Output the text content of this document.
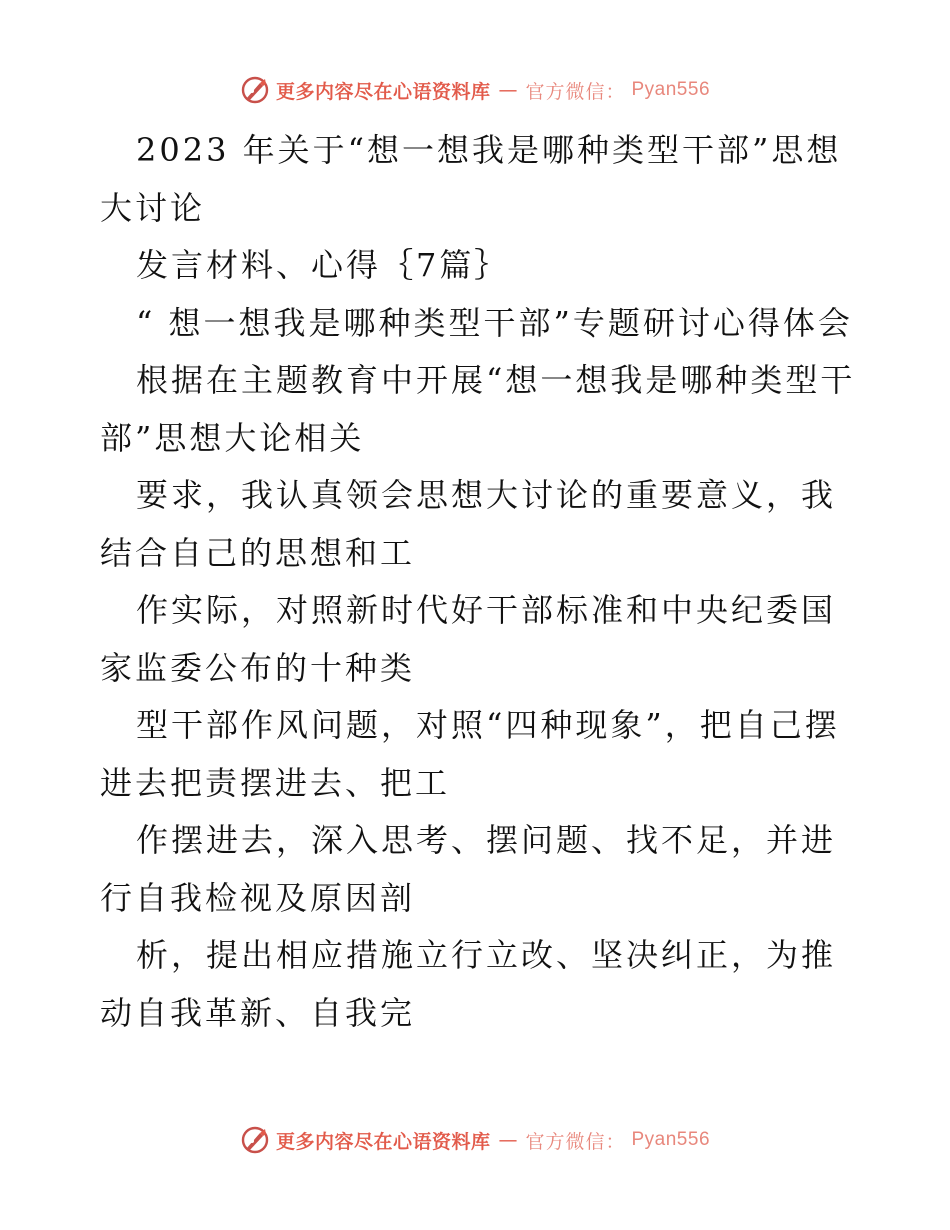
更多内容尽在心语资料库 — 官方微信： Pyan556

2023 年关于“想一想我是哪种类型干部”思想大讨论

发言材料、心得｛7篇｝

“ 想一想我是哪种类型干部”专题研讨心得体会

根据在主题教育中开展“想一想我是哪种类型干部”思想大论相关

要求，我认真领会思想大讨论的重要意义，我结合自己的思想和工

作实际，对照新时代好干部标准和中央纪委国家监委公布的十种类

型干部作风问题，对照“四种现象”，把自己摆进去把责摆进去、把工

作摆进去，深入思考、摆问题、找不足，并进行自我检视及原因剖

析，提出相应措施立行立改、坚决纠正，为推动自我革新、自我完

更多内容尽在心语资料库 — 官方微信： Pyan556
